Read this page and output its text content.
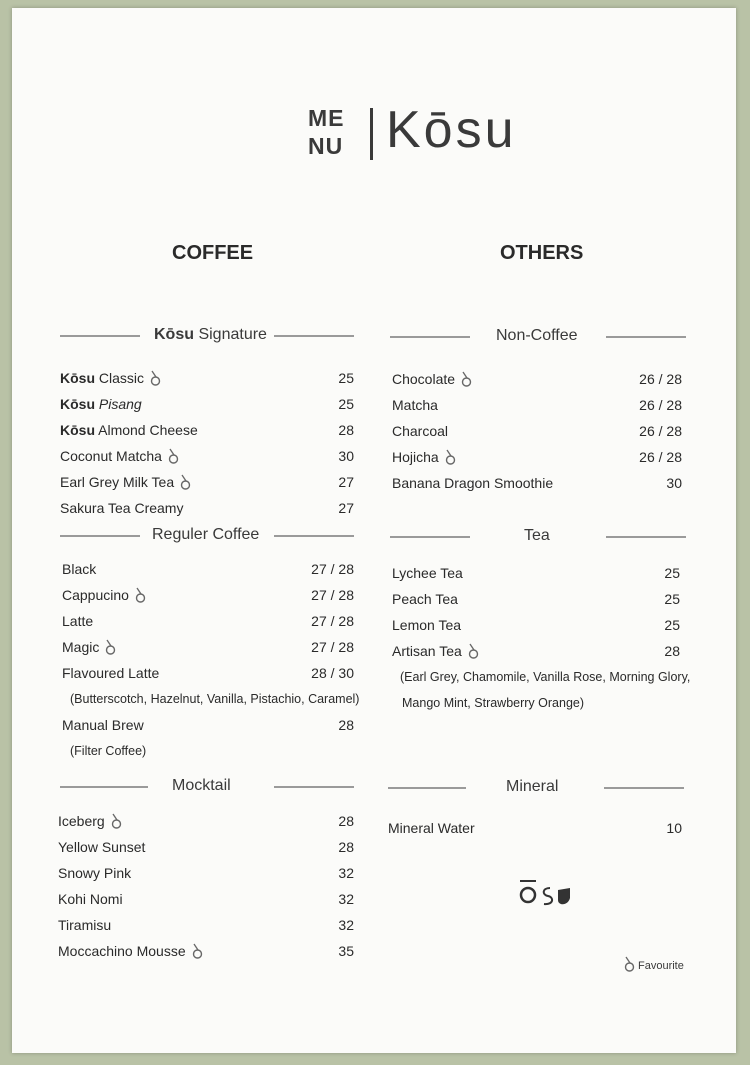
ME
NU Kōsu
COFFEE	OTHERS
Kōsu Signature
Kōsu Classic	25
Kōsu Pisang	25
Kōsu Almond Cheese	28
Coconut Matcha	30
Earl Grey Milk Tea	27
Sakura Tea Creamy	27
Reguler Coffee
Black	27 / 28
Cappucino	27 / 28
Latte	27 / 28
Magic	27 / 28
Flavoured Latte	28 / 30
(Butterscotch, Hazelnut, Vanilla, Pistachio, Caramel)
Manual Brew	28
(Filter Coffee)
Mocktail
Iceberg	28
Yellow Sunset	28
Snowy Pink	32
Kohi Nomi	32
Tiramisu	32
Moccachino Mousse	35
Non-Coffee
Chocolate	26 / 28
Matcha	26 / 28
Charcoal	26 / 28
Hojicha	26 / 28
Banana Dragon Smoothie	30
Tea
Lychee Tea	25
Peach Tea	25
Lemon Tea	25
Artisan Tea	28
(Earl Grey, Chamomile, Vanilla Rose, Morning Glory,
Mango Mint, Strawberry Orange)
Mineral
Mineral Water	10
Favourite
